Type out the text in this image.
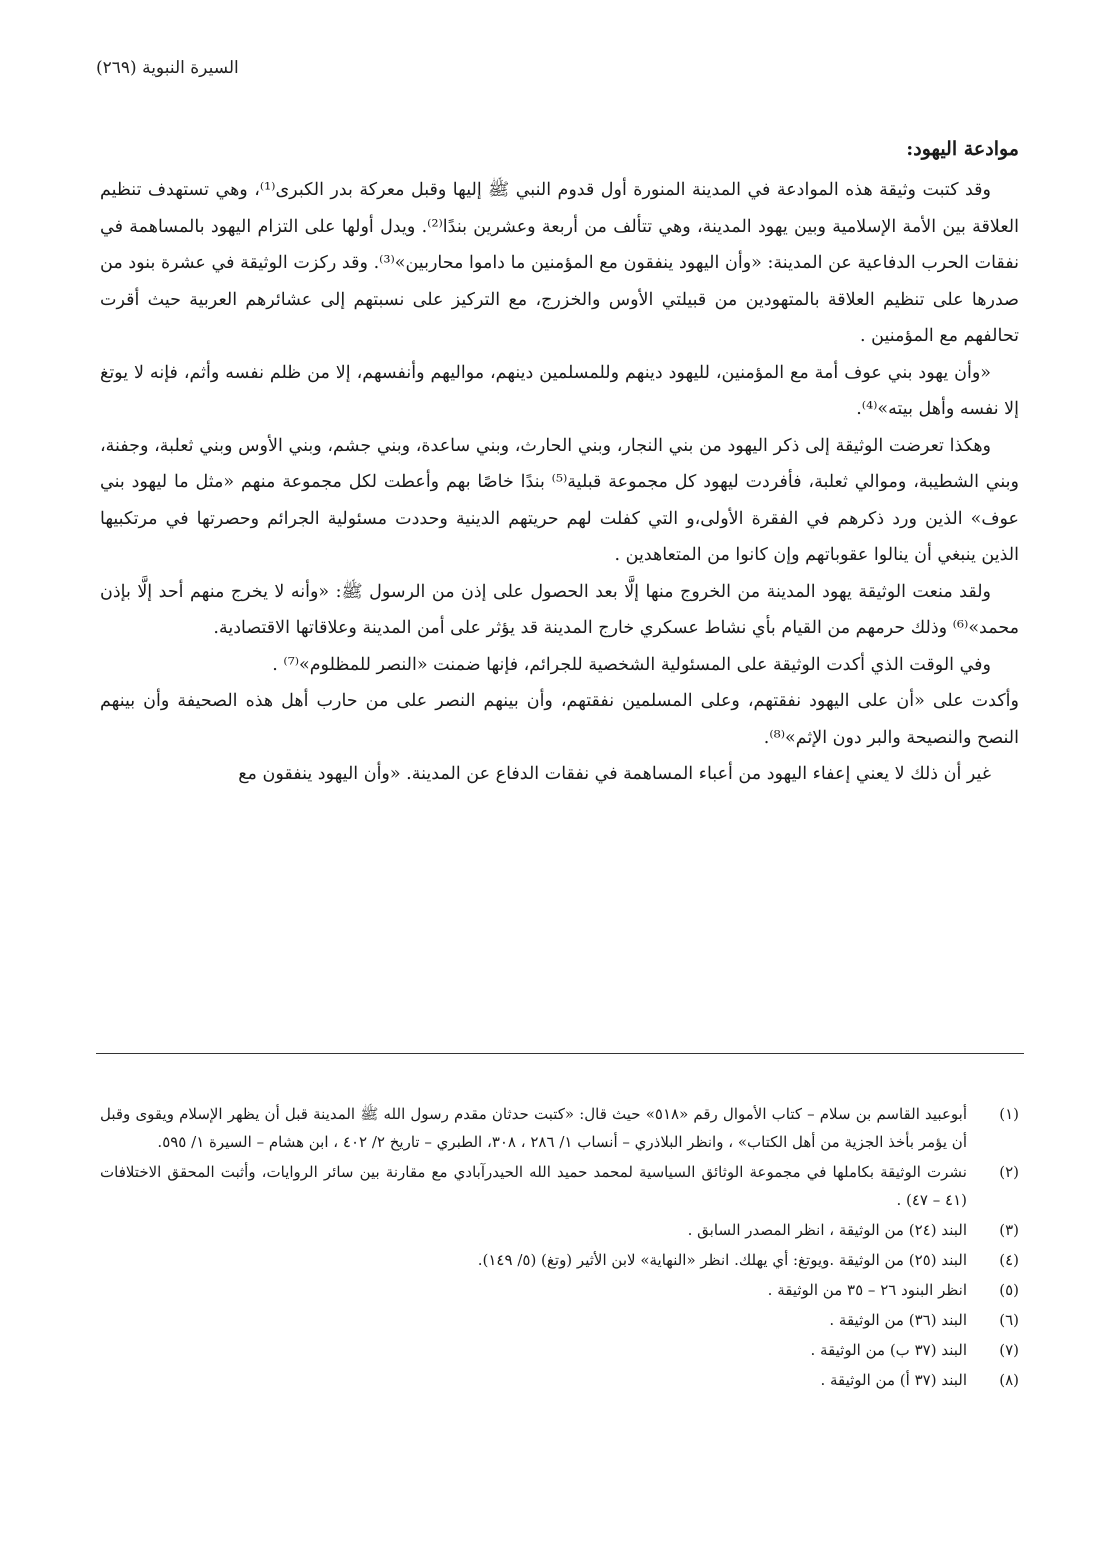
السيرة النبوية (٢٦٩)
موادعة اليهود:

وقد كتبت وثيقة هذه الموادعة في المدينة المنورة أول قدوم النبي ﷺ إليها وقبل معركة بدر الكبرى⁽¹⁾، وهي تستهدف تنظيم العلاقة بين الأمة الإسلامية وبين يهود المدينة، وهي تتألف من أربعة وعشرين بندًا⁽²⁾. ويدل أولها على التزام اليهود بالمساهمة في نفقات الحرب الدفاعية عن المدينة: «وأن اليهود ينفقون مع المؤمنين ما داموا محاربين»⁽³⁾. وقد ركزت الوثيقة في عشرة بنود من صدرها على تنظيم العلاقة بالمتهودين من قبيلتي الأوس والخزرج، مع التركيز على نسبتهم إلى عشائرهم العربية حيث أقرت تحالفهم مع المؤمنين .

«وأن يهود بني عوف أمة مع المؤمنين، لليهود دينهم وللمسلمين دينهم، مواليهم وأنفسهم، إلا من ظلم نفسه وأثم، فإنه لا يوتغ إلا نفسه وأهل بيته»⁽⁴⁾.

وهكذا تعرضت الوثيقة إلى ذكر اليهود من بني النجار، وبني الحارث، وبني ساعدة، وبني جشم، وبني الأوس وبني ثعلبة، وجفنة، وبني الشطيبة، وموالي ثعلبة، فأفردت ليهود كل مجموعة قبلية⁽⁵⁾ بندًا خاصًا بهم وأعطت لكل مجموعة منهم «مثل ما ليهود بني عوف» الذين ورد ذكرهم في الفقرة الأولى،و التي كفلت لهم حريتهم الدينية وحددت مسئولية الجرائم وحصرتها في مرتكبيها الذين ينبغي أن ينالوا عقوباتهم وإن كانوا من المتعاهدين .

ولقد منعت الوثيقة يهود المدينة من الخروج منها إلَّا بعد الحصول على إذن من الرسول ﷺ: «وأنه لا يخرج منهم أحد إلَّا بإذن محمد»⁽⁶⁾ وذلك حرمهم من القيام بأي نشاط عسكري خارج المدينة قد يؤثر على أمن المدينة وعلاقاتها الاقتصادية.

وفي الوقت الذي أكدت الوثيقة على المسئولية الشخصية للجرائم، فإنها ضمنت «النصر للمظلوم»⁽⁷⁾ .

وأكدت على «أن على اليهود نفقتهم، وعلى المسلمين نفقتهم، وأن بينهم النصر على من حارب أهل هذه الصحيفة وأن بينهم النصح والنصيحة والبر دون الإثم»⁽⁸⁾.

غير أن ذلك لا يعني إعفاء اليهود من أعباء المساهمة في نفقات الدفاع عن المدينة. «وأن اليهود ينفقون مع

(١)
أبوعبيد القاسم بن سلام – كتاب الأموال رقم «٥١٨» حيث قال: «كتبت حدثان مقدم رسول الله ﷺ المدينة قبل أن يظهر الإسلام ويقوى وقبل أن يؤمر بأخذ الجزية من أهل الكتاب» ، وانظر البلاذري – أنساب ١/ ٢٨٦ ، ٣٠٨، الطبري – تاريخ ٢/ ٤٠٢ ، ابن هشام – السيرة ١/ ٥٩٥.
(٢)
نشرت الوثيقة بكاملها في مجموعة الوثائق السياسية لمحمد حميد الله الحيدرآبادي مع مقارنة بين سائر الروايات، وأثبت المحقق الاختلافات (٤١ – ٤٧) .
(٣)
البند (٢٤) من الوثيقة ، انظر المصدر السابق .
(٤)
البند (٢٥) من الوثيقة .ويوتغ: أي يهلك. انظر «النهاية» لابن الأثير (وتغ) (٥/ ١٤٩).
(٥)
انظر البنود ٢٦ – ٣٥ من الوثيقة .
(٦)
البند (٣٦) من الوثيقة .
(٧)
البند (٣٧ ب) من الوثيقة .
(٨)
البند (٣٧ أ) من الوثيقة .
